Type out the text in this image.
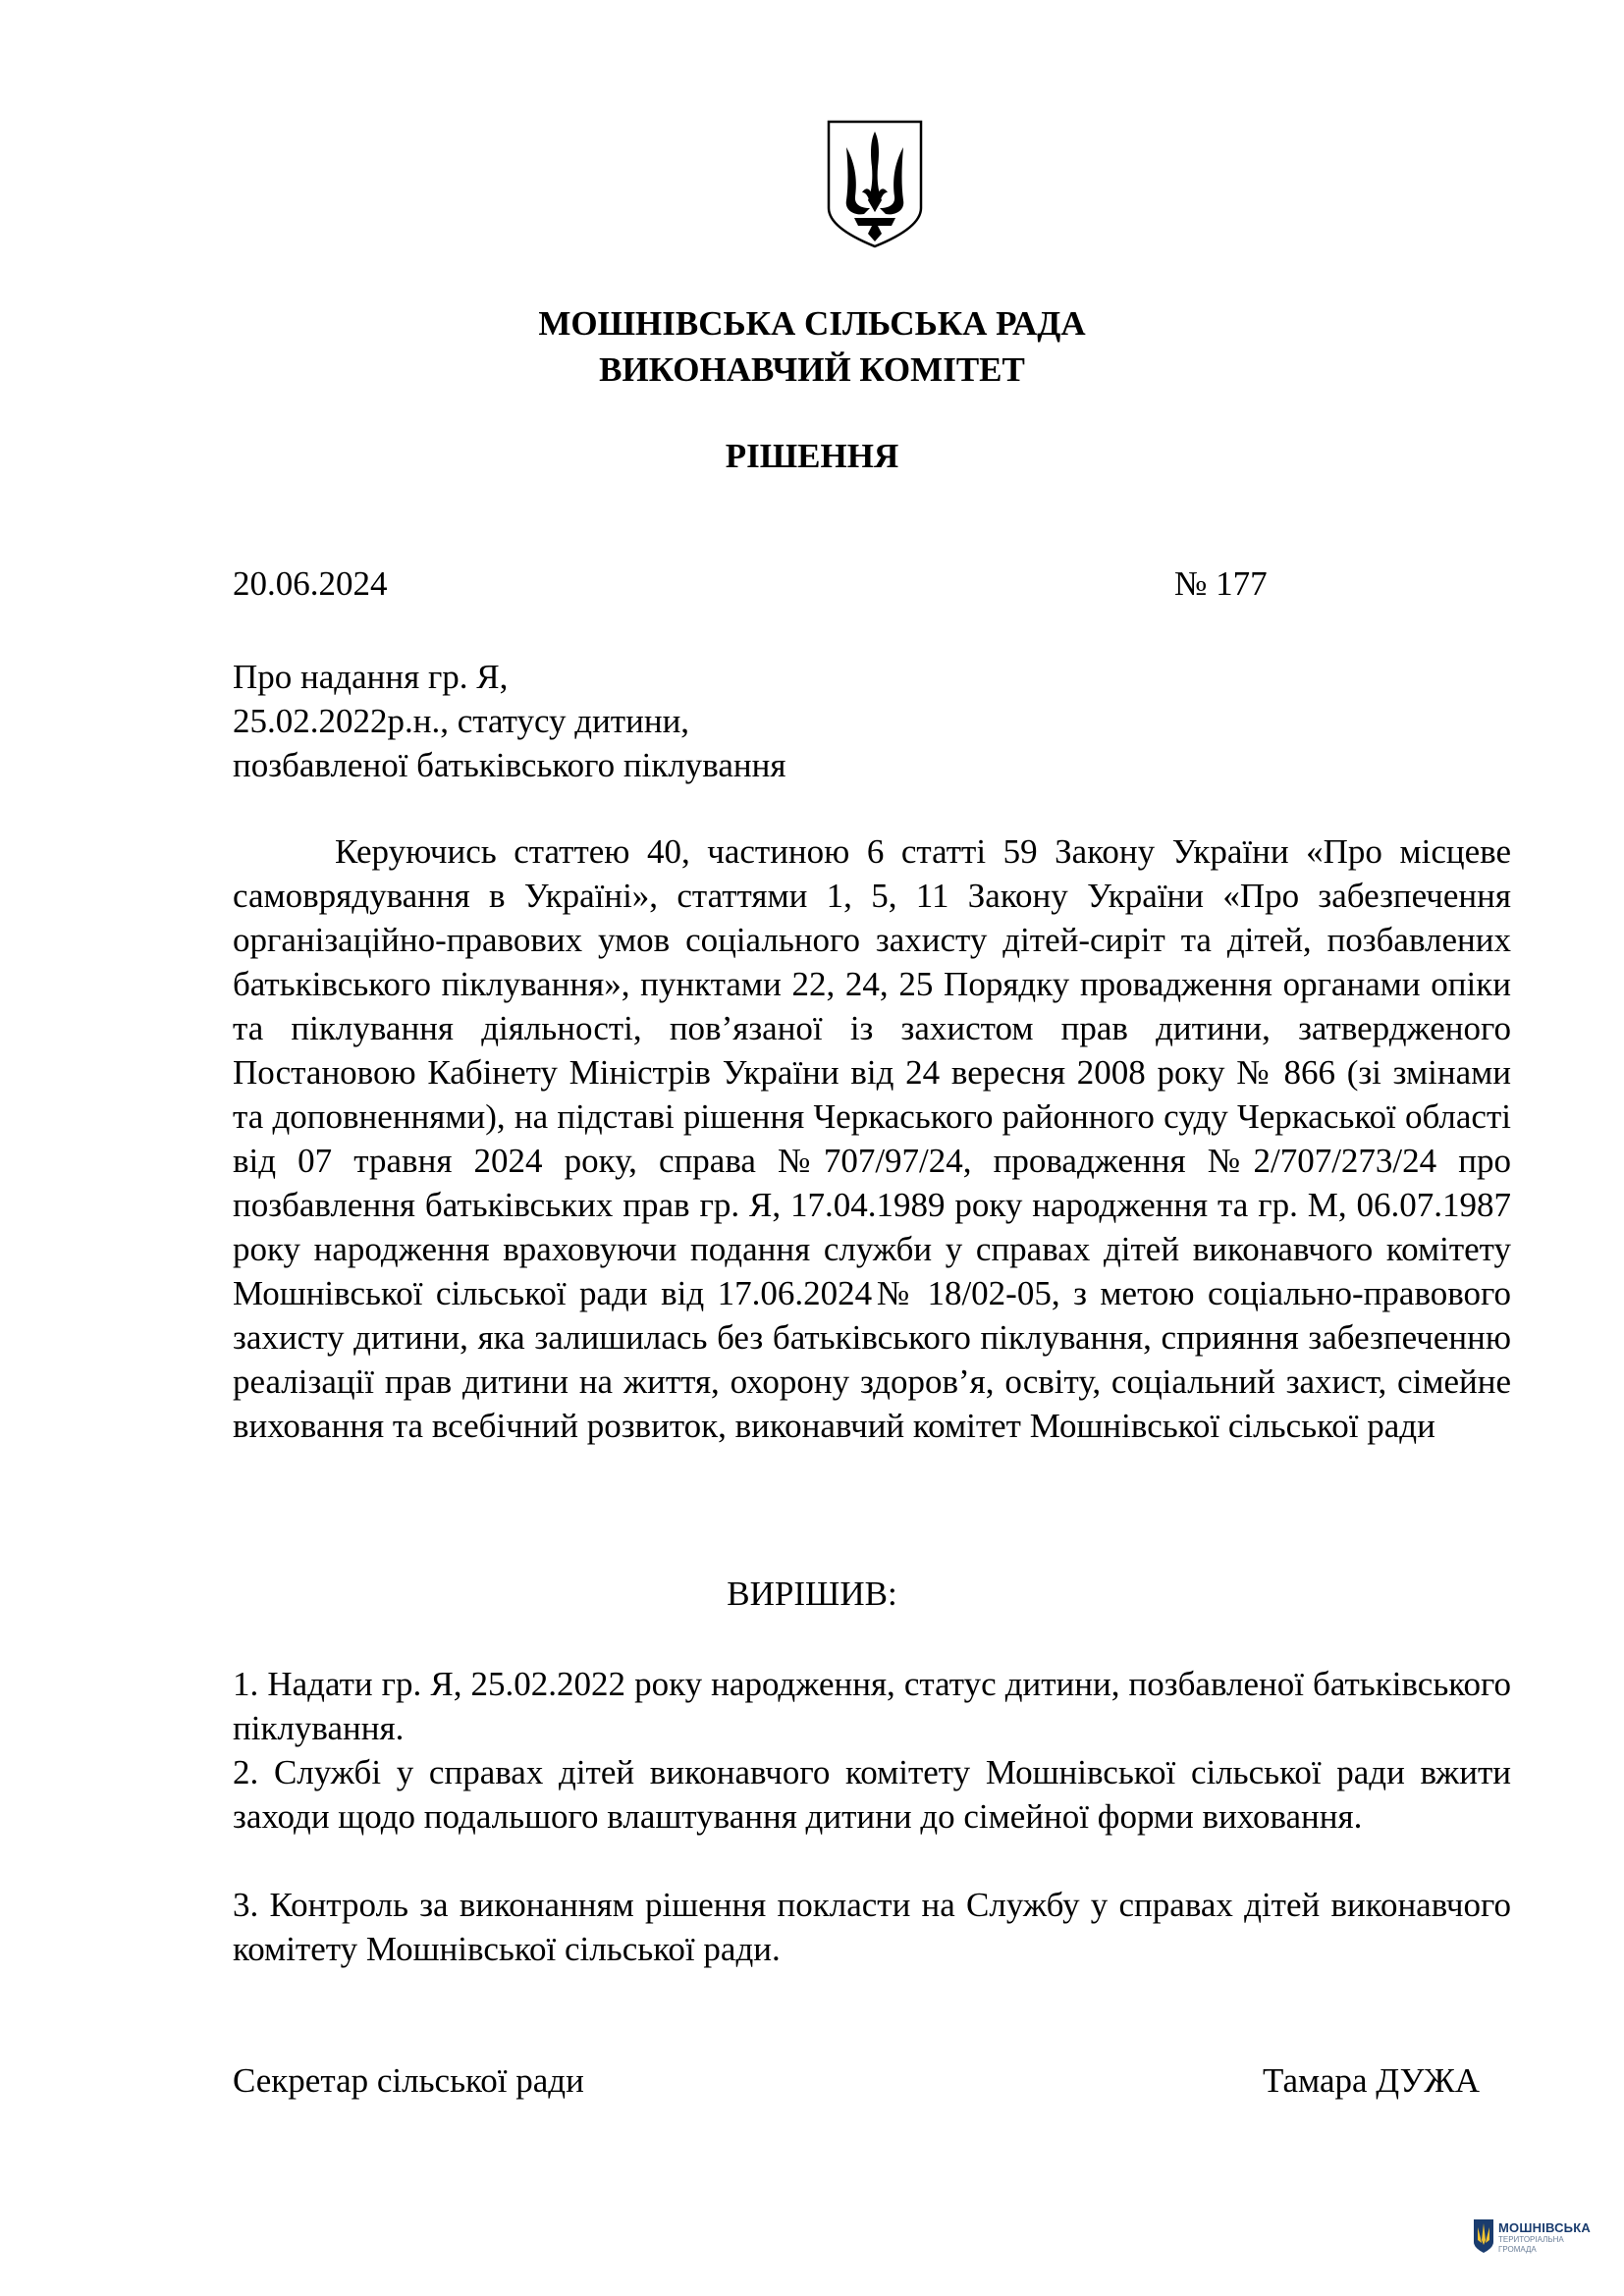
МОШНІВСЬКА СІЛЬСЬКА РАДА
ВИКОНАВЧИЙ КОМІТЕТ
РІШЕННЯ
20.06.2024	№ 177
Про надання гр. Я,
25.02.2022р.н., статусу дитини,
позбавленої батьківського піклування
Керуючись статтею 40, частиною 6 статті 59 Закону України «Про місцеве самоврядування в Україні», статтями 1, 5, 11 Закону України «Про забезпечення організаційно-правових умов соціального захисту дітей-сиріт та дітей, позбавлених батьківського піклування», пунктами 22, 24, 25 Порядку провадження органами опіки та піклування діяльності, пов’язаної із захистом прав дитини, затвердженого Постановою Кабінету Міністрів України від 24 вересня 2008 року № 866 (зі змінами та доповненнями), на підставі рішення Черкаського районного суду Черкаської області від 07 травня 2024 року, справа №707/97/24, провадження №2/707/273/24 про позбавлення батьківських прав гр. Я, 17.04.1989 року народження та гр. М, 06.07.1987 року народження враховуючи подання служби у справах дітей виконавчого комітету Мошнівської сільської ради від 17.06.2024№ 18/02-05, з метою соціально-правового захисту дитини, яка залишилась без батьківського піклування, сприяння забезпеченню реалізації прав дитини на життя, охорону здоров’я, освіту, соціальний захист, сімейне виховання та всебічний розвиток, виконавчий комітет Мошнівської сільської ради
ВИРІШИВ:
1. Надати гр. Я, 25.02.2022 року народження, статус дитини, позбавленої батьківського піклування.
2. Службі у справах дітей виконавчого комітету Мошнівської сільської ради вжити заходи щодо подальшого влаштування дитини до сімейної форми виховання.
3. Контроль за виконанням рішення покласти на Службу у справах дітей виконавчого комітету Мошнівської сільської ради.
Секретар сільської ради	Тамара ДУЖА
МОШНІВСЬКА
ТЕРИТОРІАЛЬНА
ГРОМАДА
